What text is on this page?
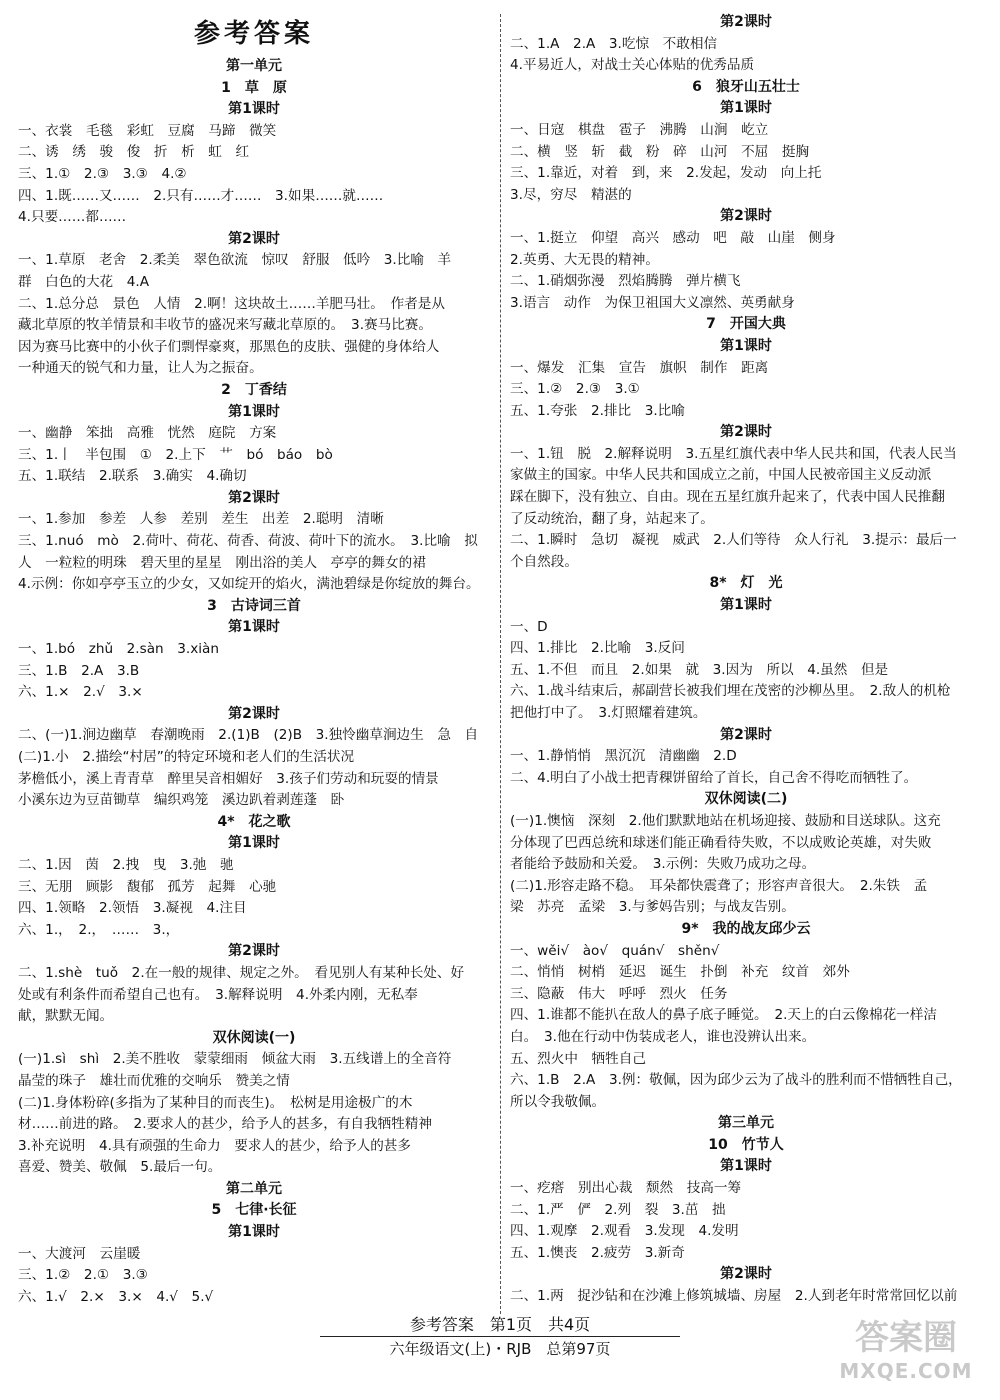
参考答案
第一单元
1　草　原
第1课时
一、衣裳　毛毯　彩虹　豆腐　马蹄　微笑
二、诱　绣　骏　俊　折　析　虹　红
三、1.①　2.③　3.③　4.②
四、1.既……又……　2.只有……才……　3.如果……就……
4.只要……都……
第2课时
一、1.草原　老舍　2.柔美　翠色欲流　惊叹　舒服　低吟　3.比喻　羊
群　白色的大花　4.A
二、1.总分总　景色　人情　2.啊！这块故土……羊肥马壮。　作者是从
藏北草原的牧羊情景和丰收节的盛况来写藏北草原的。　3.赛马比赛。
因为赛马比赛中的小伙子们剽悍豪爽，那黑色的皮肤、强健的身体给人
一种通天的锐气和力量，让人为之振奋。
2　丁香结
第1课时
一、幽静　笨拙　高雅　恍然　庭院　方案
三、1.丨　半包围　①　2.上下　艹　bó　báo　bò
五、1.联结　2.联系　3.确实　4.确切
第2课时
一、1.参加　参差　人参　差别　差生　出差　2.聪明　清晰
三、1.nuó　mò　2.荷叶、荷花、荷香、荷波、荷叶下的流水。　3.比喻　拟
人　一粒粒的明珠　碧天里的星星　刚出浴的美人　亭亭的舞女的裙
4.示例：你如亭亭玉立的少女，又如绽开的焰火，满池碧绿是你绽放的舞台。
3　古诗词三首
第1课时
一、1.bó　zhǔ　2.sàn　3.xiàn
三、1.B　2.A　3.B
六、1.×　2.√　3.×
第2课时
二、(一)1.涧边幽草　春潮晚雨　2.(1)B　(2)B　3.独怜幽草涧边生　急　自
(二)1.小　2.描绘“村居”的特定环境和老人们的生活状况
茅檐低小，溪上青青草　醉里吴音相媚好　3.孩子们劳动和玩耍的情景
小溪东边为豆苗锄草　编织鸡笼　溪边趴着剥莲蓬　卧
4*　花之歌
第1课时
二、1.因　茵　2.拽　曳　3.弛　驰
三、无朋　顾影　馥郁　孤芳　起舞　心驰
四、1.领略　2.领悟　3.凝视　4.注目
六、1.，　2.，　……　3.，
第2课时
二、1.shè　tuǒ　2.在一般的规律、规定之外。　看见别人有某种长处、好
处或有利条件而希望自己也有。　3.解释说明　4.外柔内刚，无私奉
献，默默无闻。
双休阅读(一)
(一)1.sì　shì　2.美不胜收　蒙蒙细雨　倾盆大雨　3.五线谱上的全音符
晶莹的珠子　雄壮而优雅的交响乐　赞美之情
(二)1.身体粉碎(多指为了某种目的而丧生)。　松树是用途极广的木
材……前进的路。　2.要求人的甚少，给予人的甚多，有自我牺牲精神
3.补充说明　4.具有顽强的生命力　要求人的甚少，给予人的甚多
喜爱、赞美、敬佩　5.最后一句。
第二单元
5　七律·长征
第1课时
一、大渡河　云崖暖
三、1.②　2.①　3.③
六、1.√　2.×　3.×　4.√　5.√
第2课时
二、1.A　2.A　3.吃惊　不敢相信
4.平易近人，对战士关心体贴的优秀品质
6　狼牙山五壮士
第1课时
一、日寇　棋盘　雹子　沸腾　山涧　屹立
二、横　竖　斩　截　粉　碎　山河　不屈　挺胸
三、1.靠近，对着　到，来　2.发起，发动　向上托
3.尽，穷尽　精湛的
第2课时
一、1.挺立　仰望　高兴　感动　吧　敲　山崖　侧身
2.英勇、大无畏的精神。
二、1.硝烟弥漫　烈焰腾腾　弹片横飞
3.语言　动作　为保卫祖国大义凛然、英勇献身
7　开国大典
第1课时
一、爆发　汇集　宣告　旗帜　制作　距离
三、1.②　2.③　3.①
五、1.夸张　2.排比　3.比喻
第2课时
一、1.钮　脱　2.解释说明　3.五星红旗代表中华人民共和国，代表人民当
家做主的国家。中华人民共和国成立之前，中国人民被帝国主义反动派
踩在脚下，没有独立、自由。现在五星红旗升起来了，代表中国人民推翻
了反动统治，翻了身，站起来了。
二、1.瞬时　急切　凝视　威武　2.人们等待　众人行礼　3.提示：最后一
个自然段。
8*　灯　光
第1课时
一、D
四、1.排比　2.比喻　3.反问
五、1.不但　而且　2.如果　就　3.因为　所以　4.虽然　但是
六、1.战斗结束后，郝副营长被我们埋在茂密的沙柳丛里。　2.敌人的机枪
把他打中了。　3.灯照耀着建筑。
第2课时
一、1.静悄悄　黑沉沉　清幽幽　2.D
二、4.明白了小战士把青稞饼留给了首长，自己舍不得吃而牺牲了。
双休阅读(二)
(一)1.懊恼　深刻　2.他们默默地站在机场迎接、鼓励和目送球队。这充
分体现了巴西总统和球迷们能正确看待失败，不以成败论英雄，对失败
者能给予鼓励和关爱。　3.示例：失败乃成功之母。
(二)1.形容走路不稳。　耳朵都快震聋了；形容声音很大。　2.朱铁　孟
梁　苏亮　孟梁　3.与爹妈告别；与战友告别。
9*　我的战友邱少云
一、wěi√　ào√　quán√　shěn√
二、悄悄　树梢　延迟　诞生　扑倒　补充　纹首　郊外
三、隐蔽　伟大　呼呼　烈火　任务
四、1.谁都不能扒在敌人的鼻子底子睡觉。　2.天上的白云像棉花一样洁
白。　3.他在行动中伪装成老人，谁也没辨认出来。
五、烈火中　牺牲自己
六、1.B　2.A　3.例：敬佩，因为邱少云为了战斗的胜利而不惜牺牲自己，
所以令我敬佩。
第三单元
10　竹节人
第1课时
一、疙瘩　别出心裁　颓然　技高一筹
二、1.严　俨　2.列　裂　3.茁　拙
四、1.观摩　2.观看　3.发现　4.发明
五、1.懊丧　2.疲劳　3.新奇
第2课时
二、1.两　捉沙钻和在沙滩上修筑城墙、房屋　2.人到老年时常常回忆以前
参考答案　第1页　共4页
六年级语文(上)・RJB　总第97页	答案圈
MXQE.COM
